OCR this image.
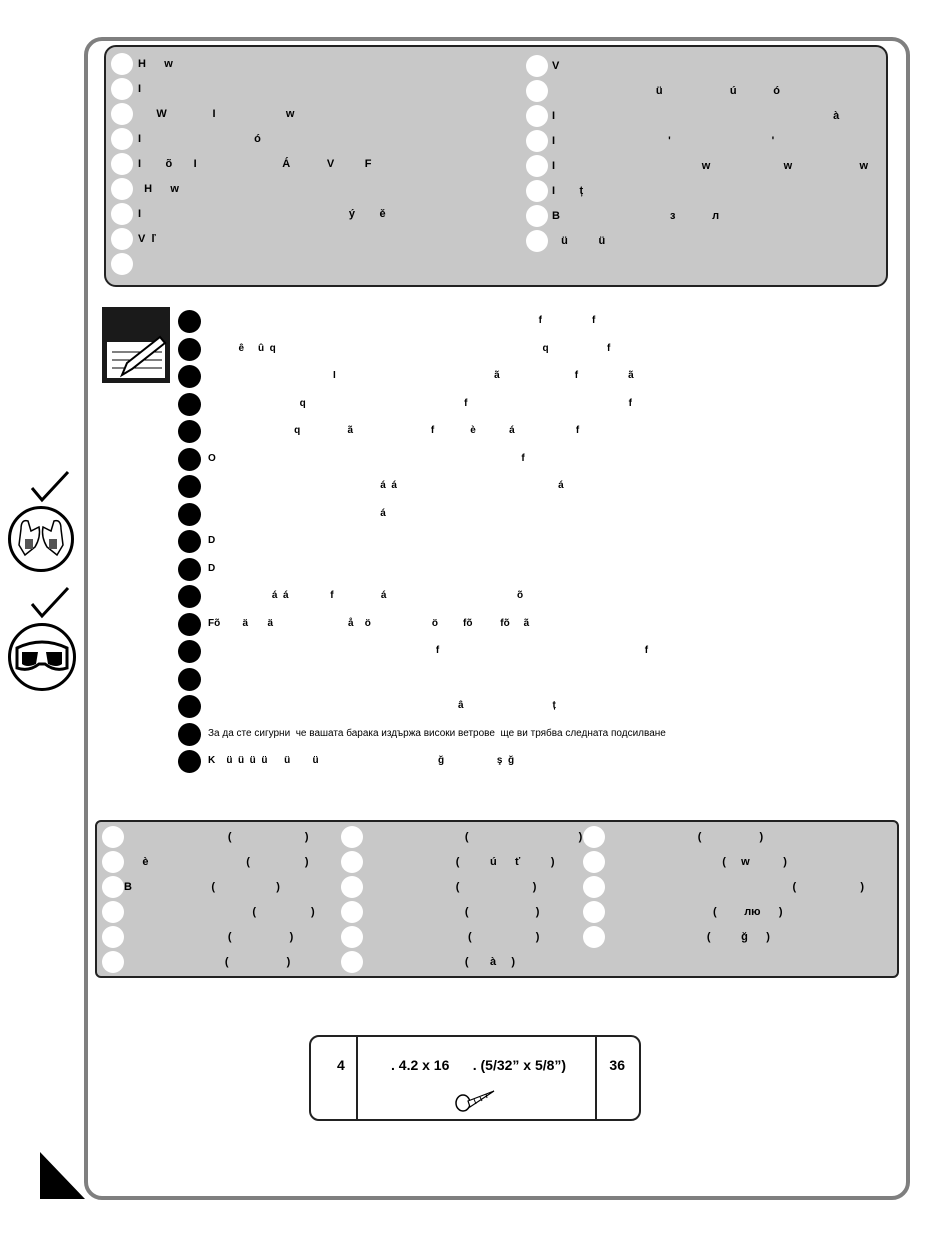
H      w
I
W               I                       w
I                                     ó
I        õ       I                            Á            V          F
H      w
I                                                                    ý        ě
V  ľ
V
ü                      ú            ó
I                                                                                           à
I                                     '                                 '
I                                                w                        w                      w
I        ț
B                                    з            л
ü          ü
f                  f
ê     û  q                                                                                                q                     f
I                                                         ã                           f                  ã
q                                                         f                                                          f
q                 ã                            f             è            á                      f
O                                                                                                              f
á  á                                                          á
á
D
D
á  á               f                 á                                               õ
Fõ        ä       ä                           å    ö                      ö         fõ          fõ     ã
f                                                                          f
â                                ț
За да сте сигурни  че вашата барака издържа високи ветрове  ще ви трябва следната подсилване
K    ü  ü  ü  ü      ü        ü                                           ğ                   ş  ğ
(                        )
è                                (                  )
B                          (                    )
(                  )
(                   )
(                   )
(                                    )
(          ú      ť          )
(                        )
(                      )
(                     )
(       à     )
(                   )
(     w           )
(                     )
(         лю      )
(          ğ      )
4	. 4.2 x 16      . (5/32” x 5/8”)	36
